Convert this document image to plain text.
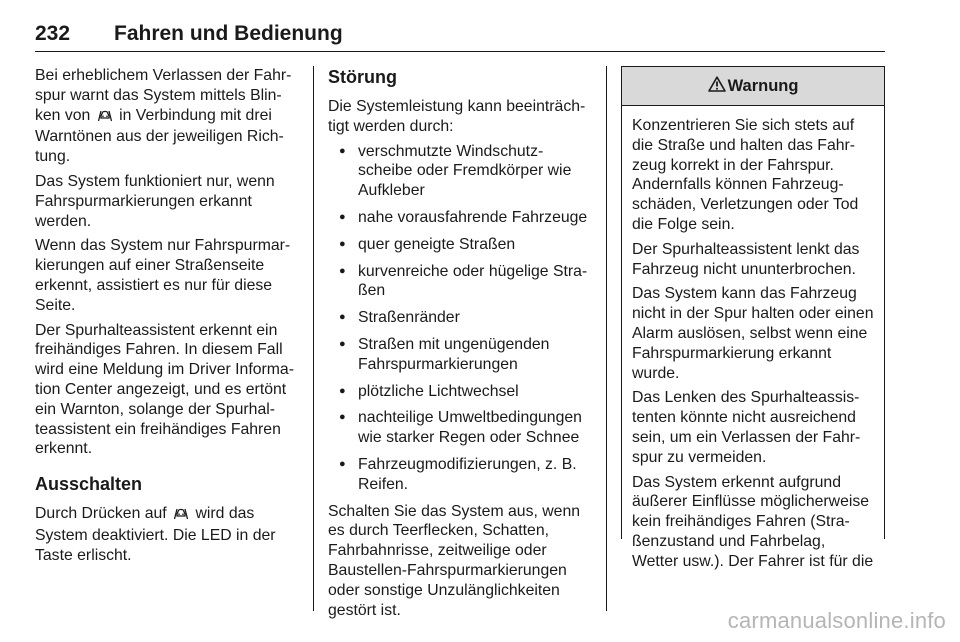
232 Fahren und Bedienung

Bei erheblichem Verlassen der Fahr-spur warnt das System mittels Blin-ken von  in Verbindung mit drei Warntönen aus der jeweiligen Rich-tung.

Das System funktioniert nur, wenn Fahrspurmarkierungen erkannt werden.

Wenn das System nur Fahrspurmar-kierungen auf einer Straßenseite erkennt, assistiert es nur für diese Seite.

Der Spurhalteassistent erkennt ein freihändiges Fahren. In diesem Fall wird eine Meldung im Driver Informa-tion Center angezeigt, und es ertönt ein Warnton, solange der Spurhal-teassistent ein freihändiges Fahren erkennt.

Ausschalten

Durch Drücken auf  wird das System deaktiviert. Die LED in der Taste erlischt.

Störung

Die Systemleistung kann beeinträch-tigt werden durch:

● verschmutzte Windschutz-scheibe oder Fremdkörper wie Aufkleber
● nahe vorausfahrende Fahrzeuge
● quer geneigte Straßen
● kurvenreiche oder hügelige Stra-ßen
● Straßenränder
● Straßen mit ungenügenden Fahrspurmarkierungen
● plötzliche Lichtwechsel
● nachteilige Umweltbedingungen wie starker Regen oder Schnee
● Fahrzeugmodifizierungen, z. B. Reifen.

Schalten Sie das System aus, wenn es durch Teerflecken, Schatten, Fahrbahnrisse, zeitweilige oder Baustellen-Fahrspurmarkierungen oder sonstige Unzulänglichkeiten gestört ist.

Warnung

Konzentrieren Sie sich stets auf die Straße und halten das Fahr-zeug korrekt in der Fahrspur. Andernfalls können Fahrzeug-schäden, Verletzungen oder Tod die Folge sein.

Der Spurhalteassistent lenkt das Fahrzeug nicht ununterbrochen.

Das System kann das Fahrzeug nicht in der Spur halten oder einen Alarm auslösen, selbst wenn eine Fahrspurmarkierung erkannt wurde.

Das Lenken des Spurhalteassis-tenten könnte nicht ausreichend sein, um ein Verlassen der Fahr-spur zu vermeiden.

Das System erkennt aufgrund äußerer Einflüsse möglicherweise kein freihändiges Fahren (Stra-ßenzustand und Fahrbelag, Wetter usw.). Der Fahrer ist für die

carmanualsonline.info
